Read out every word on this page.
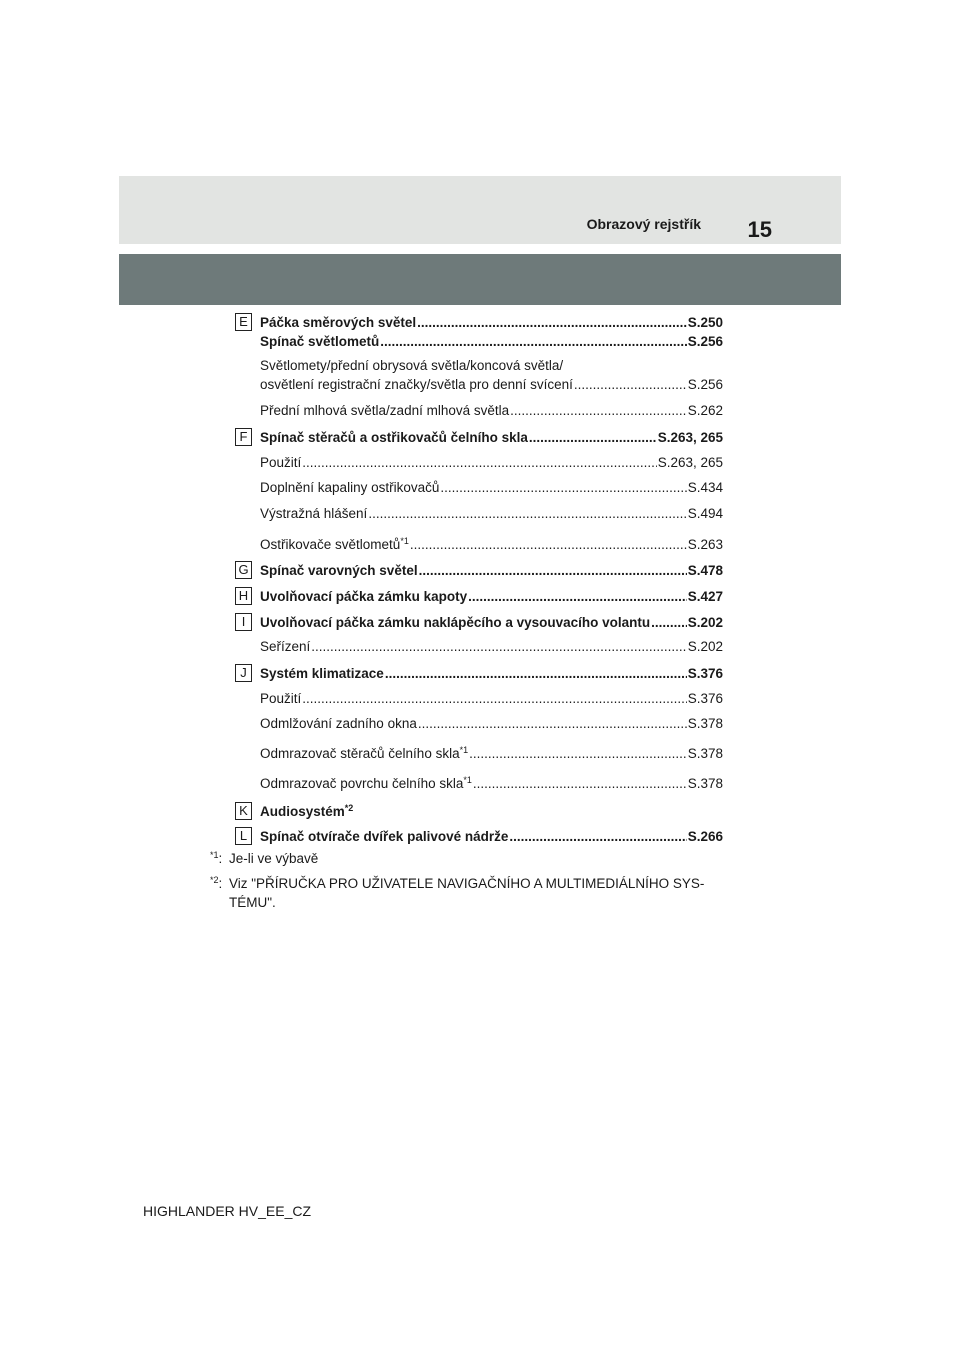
Obrazový rejstřík 15
E Páčka směrových světel .....	S.250
Spínač světlometů .....	S.256
Světlomety/přední obrysová světla/koncová světla/
osvětlení registrační značky/světla pro denní svícení .....	S.256
Přední mlhová světla/zadní mlhová světla .....	S.262
F Spínač stěračů a ostřikovačů čelního skla .....	S.263, 265
Použití .....	S.263, 265
Doplnění kapaliny ostřikovačů .....	S.434
Výstražná hlášení .....	S.494
Ostřikovače světlometů$^{*1}$ .....	S.263
G Spínač varovných světel .....	S.478
H Uvolňovací páčka zámku kapoty .....	S.427
I	Uvolňovací páčka zámku naklápěcího a vysouvacího volantu .....	S.202
Seřízení .....	S.202
J Systém klimatizace .....	S.376
Použití .....	S.376
Odmlžování zadního okna .....	S.378
Odmrazovač stěračů čelního skla$^{*1}$ .....	S.378
Odmrazovač povrchu čelního skla$^{*1}$ .....	S.378
K Audiosystém$^{*2}$
L Spínač otvírače dvířek palivové nádrže .....	S.266
$^{*1}$: Je-li ve výbavě
$^{*2}$: Viz "PŘÍRUČKA PRO UŽIVATELE NAVIGAČNÍHO A MULTIMEDIÁLNÍHO SYS-TÉMU".
HIGHLANDER HV_EE_CZ
